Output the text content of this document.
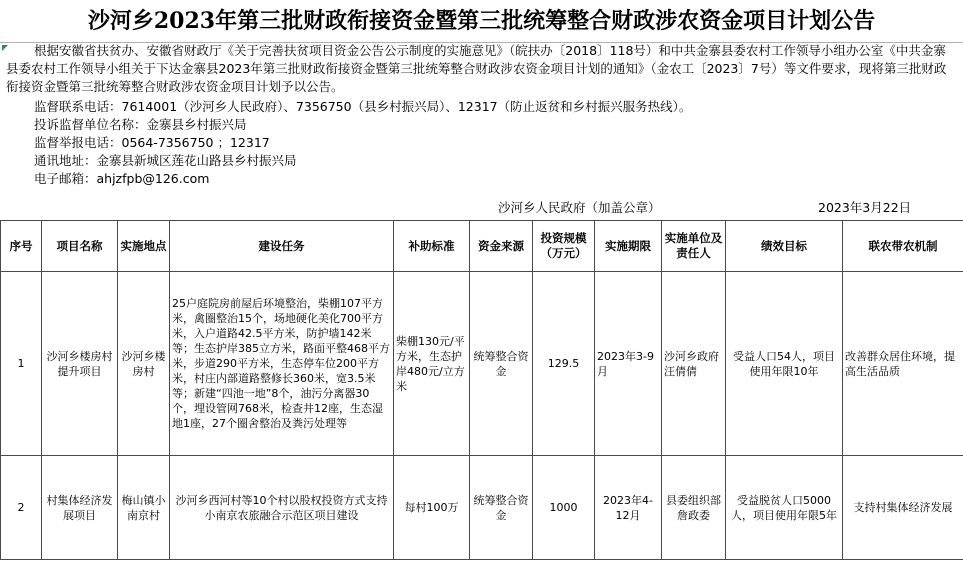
沙河乡2023年第三批财政衔接资金暨第三批统筹整合财政涉农资金项目计划公告
根据安徽省扶贫办、安徽省财政厅《关于完善扶贫项目资金公告公示制度的实施意见》（皖扶办〔2018〕118号）和中共金寨县委农村工作领导小组办公室《中共金寨县委农村工作领导小组关于下达金寨县2023年第三批财政衔接资金暨第三批统筹整合财政涉农资金项目计划的通知》（金农工〔2023〕7号）等文件要求，现将第三批财政衔接资金暨第三批统筹整合财政涉农资金项目计划予以公告。
监督联系电话：7614001（沙河乡人民政府）、7356750（县乡村振兴局）、12317（防止返贫和乡村振兴服务热线）。
投诉监督单位名称：金寨县乡村振兴局
监督举报电话：0564-7356750 ；12317
通讯地址：金寨县新城区莲花山路县乡村振兴局
电子邮箱：ahjzfpb@126.com
沙河乡人民政府（加盖公章）	2023年3月22日
序号	项目名称	实施地点	建设任务	补助标准	资金来源	投资规模（万元）	实施期限	实施单位及责任人	绩效目标	联农带农机制
1	沙河乡楼房村提升项目	沙河乡楼房村	25户庭院房前屋后环境整治，柴棚107平方米，禽圈整治15个，场地硬化美化700平方米，入户道路42.5平方米，防护墙142米等；生态护岸385立方米，路面平整468平方米，步道290平方米，生态停车位200平方米，村庄内部道路整修长360米，宽3.5米等；新建“四池一地”8个，油污分离器30个，埋设管网768米，检查井12座，生态湿地1座，27个圈舍整治及粪污处理等	柴棚130元/平方米，生态护岸480元/立方米	统筹整合资金	129.5	2023年3-9月	沙河乡政府汪倩倩	受益人口54人，项目使用年限10年	改善群众居住环境，提高生活品质
2	村集体经济发展项目	梅山镇小南京村	沙河乡西河村等10个村以股权投资方式支持小南京农旅融合示范区项目建设	每村100万	统筹整合资金	1000	2023年4-12月	县委组织部詹政委	受益脱贫人口5000人，项目使用年限5年	支持村集体经济发展
